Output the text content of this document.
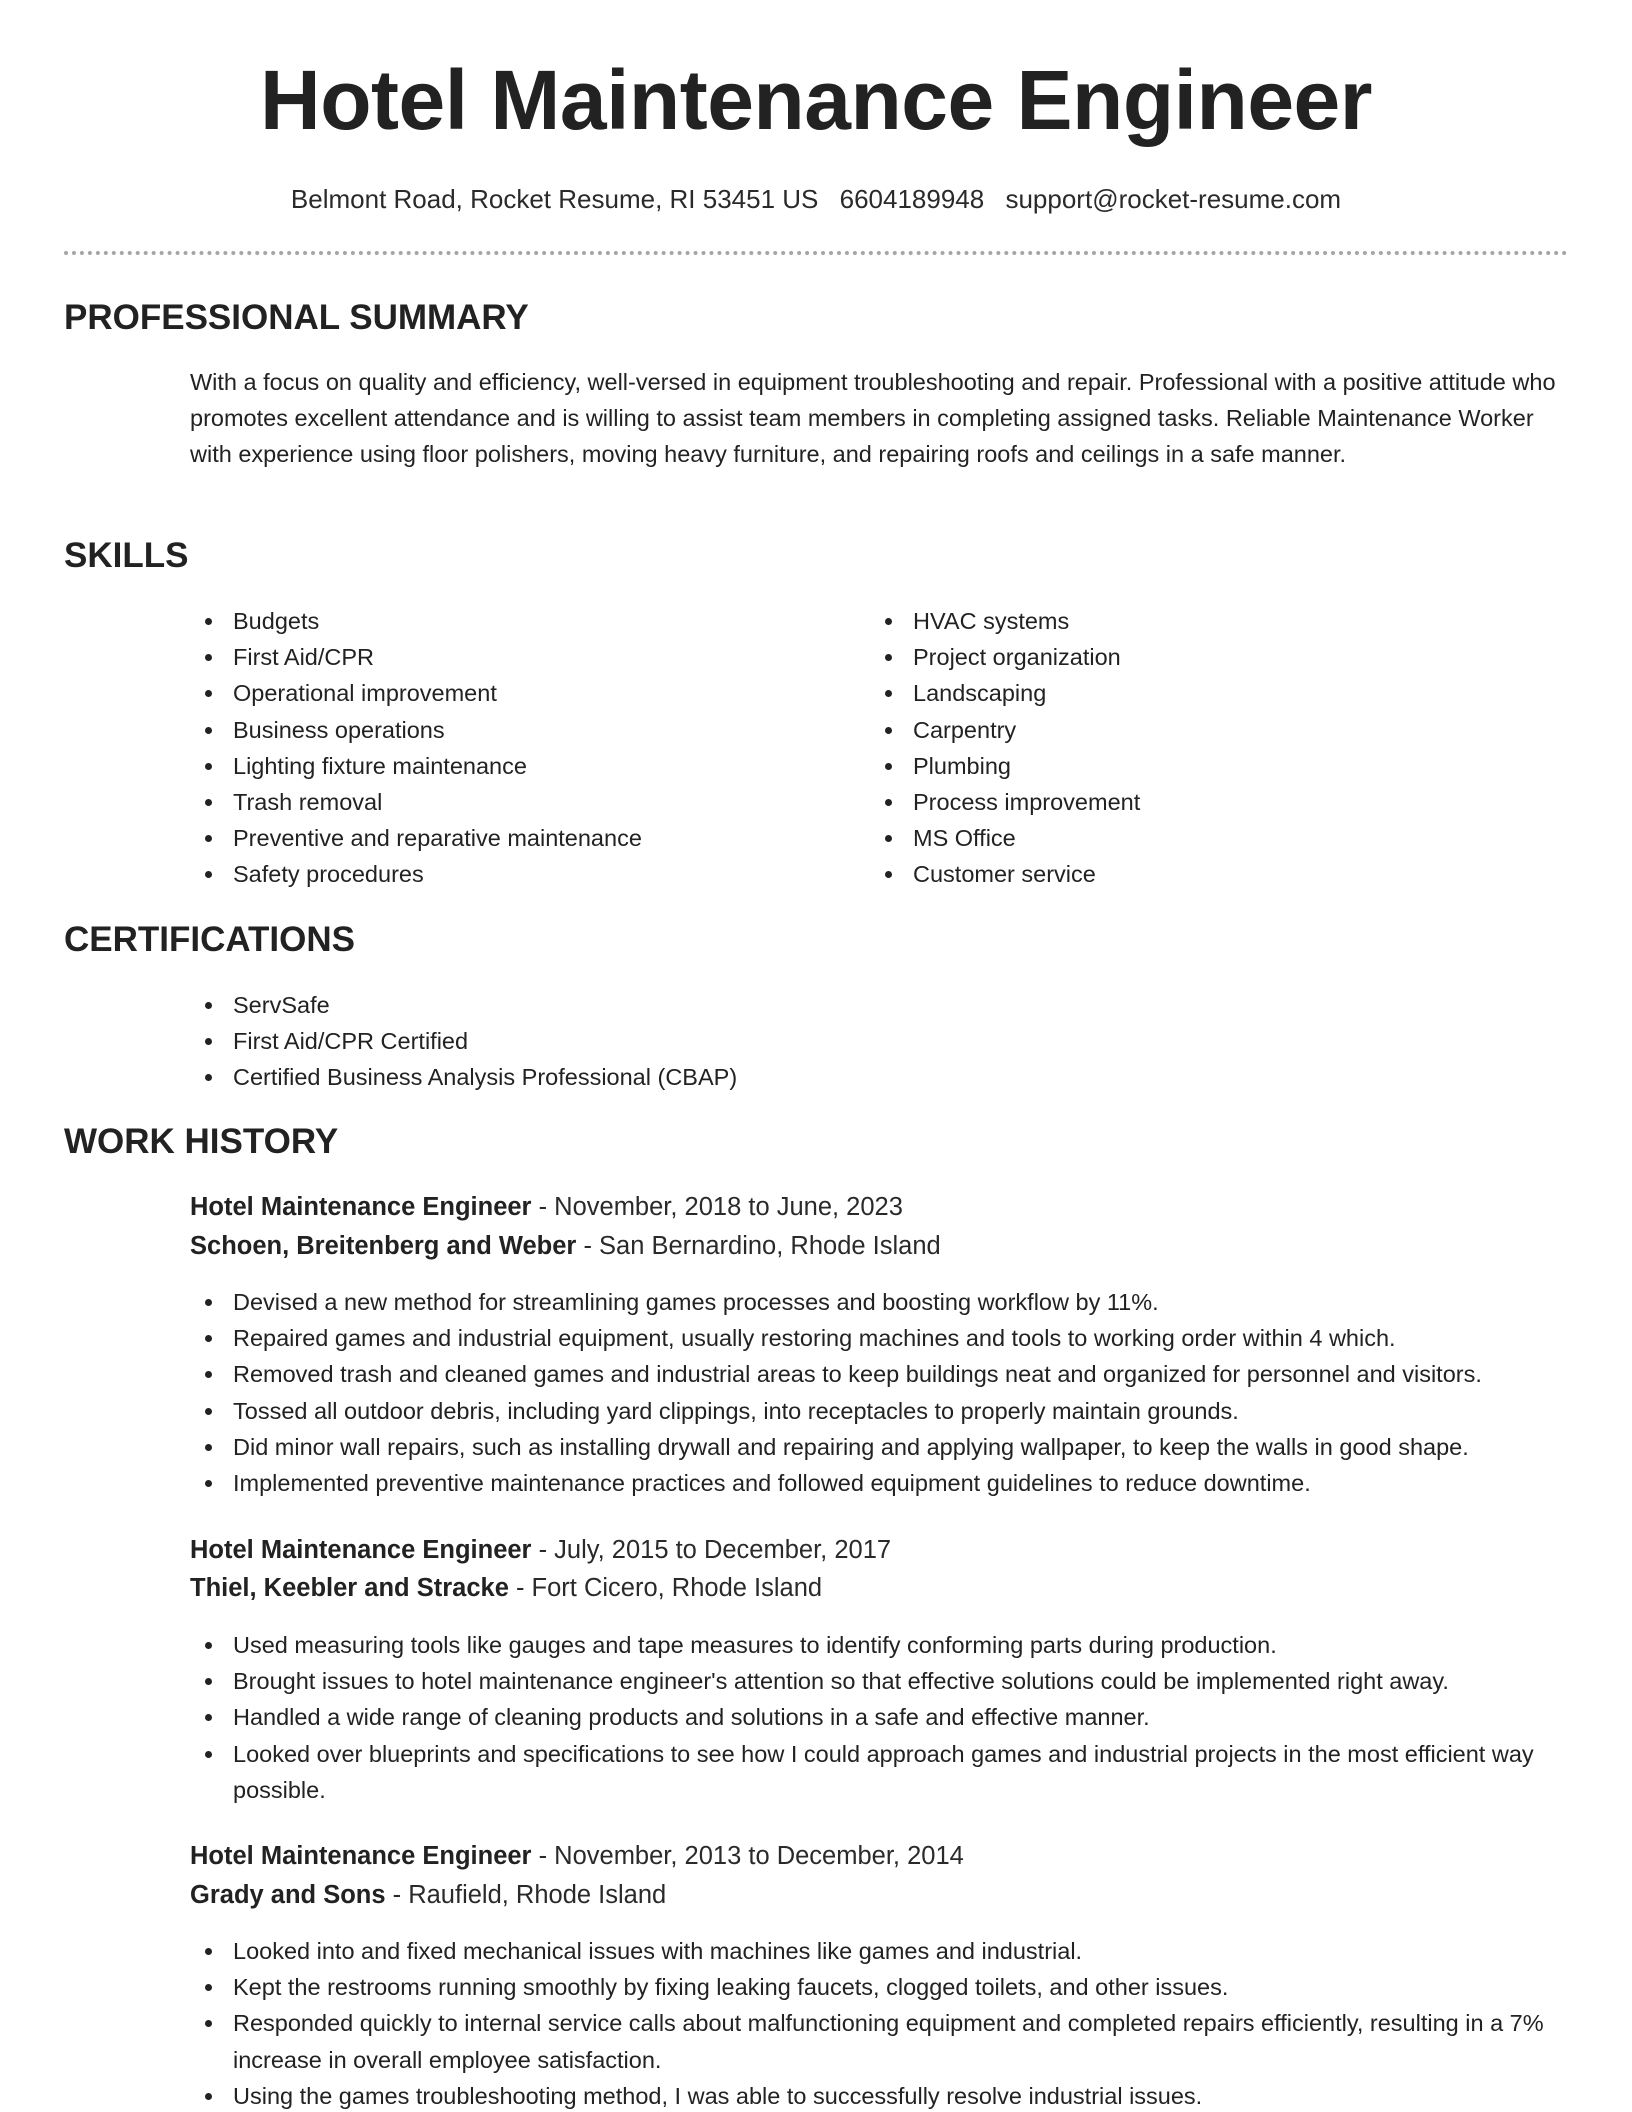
Hotel Maintenance Engineer
Belmont Road, Rocket Resume, RI 53451 US 6604189948 support@rocket-resume.com
PROFESSIONAL SUMMARY
With a focus on quality and efficiency, well-versed in equipment troubleshooting and repair. Professional with a positive attitude who promotes excellent attendance and is willing to assist team members in completing assigned tasks. Reliable Maintenance Worker with experience using floor polishers, moving heavy furniture, and repairing roofs and ceilings in a safe manner.
SKILLS
Budgets
First Aid/CPR
Operational improvement
Business operations
Lighting fixture maintenance
Trash removal
Preventive and reparative maintenance
Safety procedures
HVAC systems
Project organization
Landscaping
Carpentry
Plumbing
Process improvement
MS Office
Customer service
CERTIFICATIONS
ServSafe
First Aid/CPR Certified
Certified Business Analysis Professional (CBAP)
WORK HISTORY
Hotel Maintenance Engineer - November, 2018 to June, 2023
Schoen, Breitenberg and Weber - San Bernardino, Rhode Island
Devised a new method for streamlining games processes and boosting workflow by 11%.
Repaired games and industrial equipment, usually restoring machines and tools to working order within 4 which.
Removed trash and cleaned games and industrial areas to keep buildings neat and organized for personnel and visitors.
Tossed all outdoor debris, including yard clippings, into receptacles to properly maintain grounds.
Did minor wall repairs, such as installing drywall and repairing and applying wallpaper, to keep the walls in good shape.
Implemented preventive maintenance practices and followed equipment guidelines to reduce downtime.
Hotel Maintenance Engineer - July, 2015 to December, 2017
Thiel, Keebler and Stracke - Fort Cicero, Rhode Island
Used measuring tools like gauges and tape measures to identify conforming parts during production.
Brought issues to hotel maintenance engineer's attention so that effective solutions could be implemented right away.
Handled a wide range of cleaning products and solutions in a safe and effective manner.
Looked over blueprints and specifications to see how I could approach games and industrial projects in the most efficient way possible.
Hotel Maintenance Engineer - November, 2013 to December, 2014
Grady and Sons - Raufield, Rhode Island
Looked into and fixed mechanical issues with machines like games and industrial.
Kept the restrooms running smoothly by fixing leaking faucets, clogged toilets, and other issues.
Responded quickly to internal service calls about malfunctioning equipment and completed repairs efficiently, resulting in a 7% increase in overall employee satisfaction.
Using the games troubleshooting method, I was able to successfully resolve industrial issues.
